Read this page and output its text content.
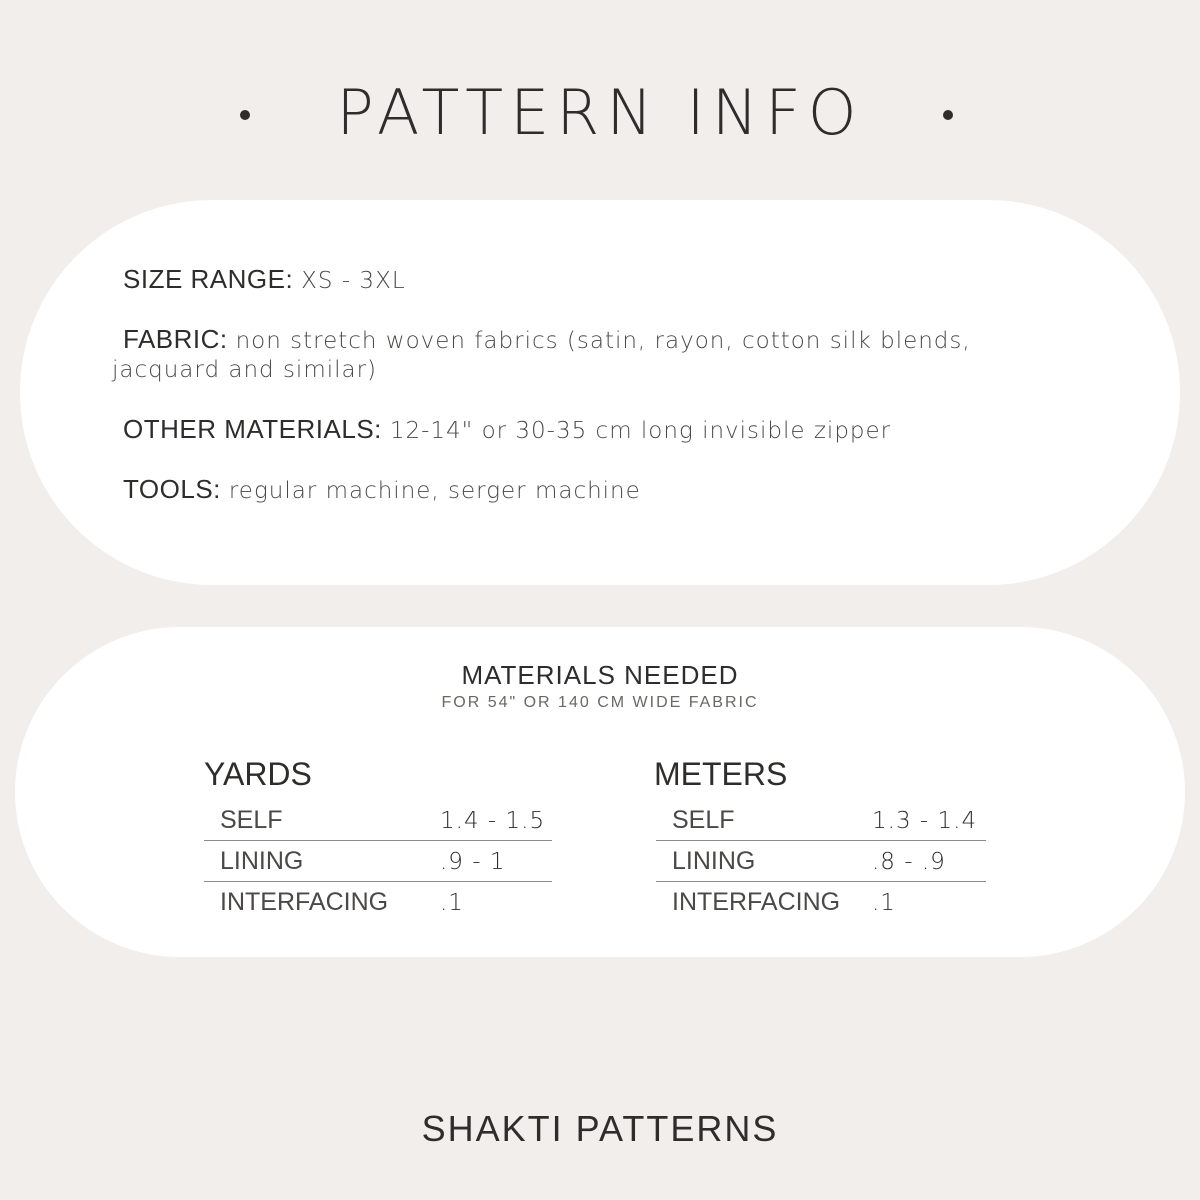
PATTERN INFO
SIZE RANGE: XS - 3XL
FABRIC: non stretch woven fabrics (satin, rayon, cotton silk blends,
jacquard and similar)
OTHER MATERIALS: 12-14" or 30-35 cm long invisible zipper
TOOLS: regular machine, serger machine
MATERIALS NEEDED
FOR 54" OR 140 CM WIDE FABRIC
YARDS
SELF	1.4 - 1.5
LINING	.9 - 1
INTERFACING .1
METERS
SELF	1.3 - 1.4
LINING	.8 - .9
INTERFACING .1
SHAKTI PATTERNS
